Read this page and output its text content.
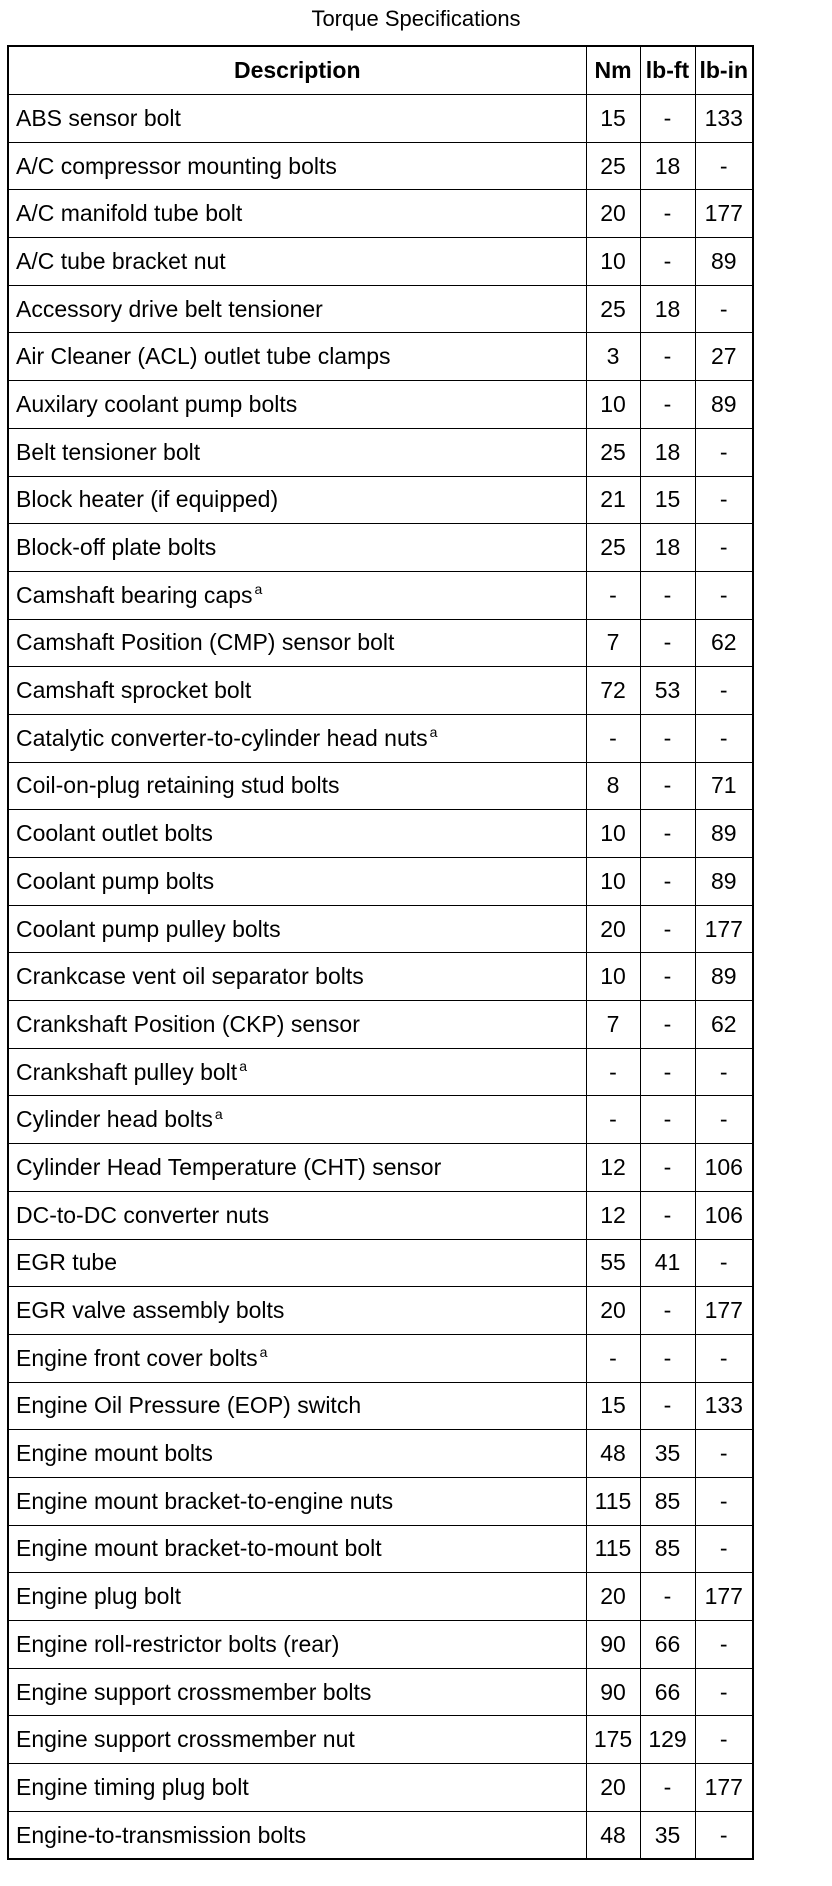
Torque Specifications
Description	Nm	lb-ft	lb-in
ABS sensor bolt	15	-	133
A/C compressor mounting bolts	25	18	-
A/C manifold tube bolt	20	-	177
A/C tube bracket nut	10	-	89
Accessory drive belt tensioner	25	18	-
Air Cleaner (ACL) outlet tube clamps	3	-	27
Auxilary coolant pump bolts	10	-	89
Belt tensioner bolt	25	18	-
Block heater (if equipped)	21	15	-
Block-off plate bolts	25	18	-
Camshaft bearing caps $^a$	-	-	-
Camshaft Position (CMP) sensor bolt	7	-	62
Camshaft sprocket bolt	72	53	-
Catalytic converter-to-cylinder head nuts $^a$	-	-	-
Coil-on-plug retaining stud bolts	8	-	71
Coolant outlet bolts	10	-	89
Coolant pump bolts	10	-	89
Coolant pump pulley bolts	20	-	177
Crankcase vent oil separator bolts	10	-	89
Crankshaft Position (CKP) sensor	7	-	62
Crankshaft pulley bolt $^a$	-	-	-
Cylinder head bolts $^a$	-	-	-
Cylinder Head Temperature (CHT) sensor	12	-	106
DC-to-DC converter nuts	12	-	106
EGR tube	55	41	-
EGR valve assembly bolts	20	-	177
Engine front cover bolts $^a$	-	-	-
Engine Oil Pressure (EOP) switch	15	-	133
Engine mount bolts	48	35	-
Engine mount bracket-to-engine nuts	115	85	-
Engine mount bracket-to-mount bolt	115	85	-
Engine plug bolt	20	-	177
Engine roll-restrictor bolts (rear)	90	66	-
Engine support crossmember bolts	90	66	-
Engine support crossmember nut	175	129	-
Engine timing plug bolt	20	-	177
Engine-to-transmission bolts	48	35	-
